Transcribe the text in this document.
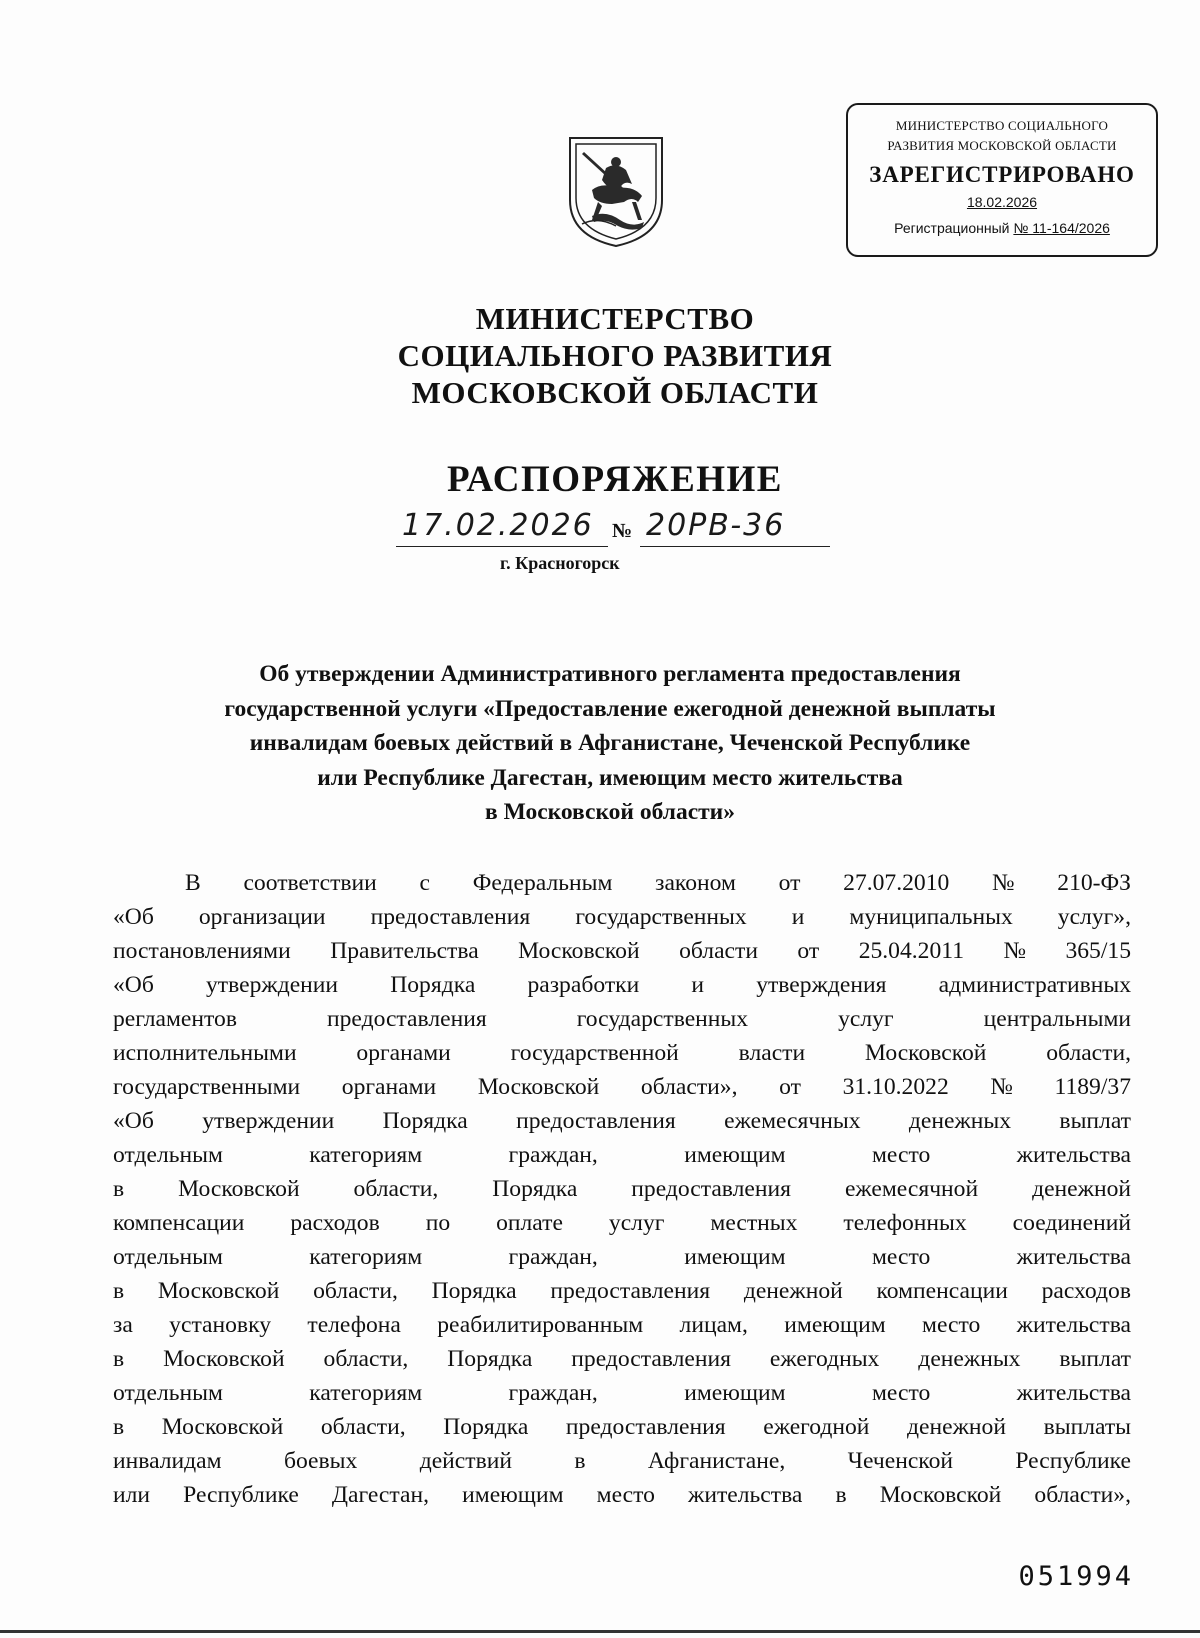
МИНИСТЕРСТВО СОЦИАЛЬНОГО
РАЗВИТИЯ МОСКОВСКОЙ ОБЛАСТИ
ЗАРЕГИСТРИРОВАНО
18.02.2026
Регистрационный № 11-164/2026
МИНИСТЕРСТВО
СОЦИАЛЬНОГО РАЗВИТИЯ
МОСКОВСКОЙ ОБЛАСТИ
РАСПОРЯЖЕНИЕ
17.02.2026 № 20PB-36
г. Красногорск
Об утверждении Административного регламента предоставления
государственной услуги «Предоставление ежегодной денежной выплаты
инвалидам боевых действий в Афганистане, Чеченской Республике
или Республике Дагестан, имеющим место жительства
в Московской области»
В соответствии с Федеральным законом от 27.07.2010 № 210-ФЗ
«Об организации предоставления государственных и муниципальных услуг»,
постановлениями Правительства Московской области от 25.04.2011 № 365/15
«Об утверждении Порядка разработки и утверждения административных
регламентов предоставления государственных услуг центральными
исполнительными органами государственной власти Московской области,
государственными органами Московской области», от 31.10.2022 № 1189/37
«Об утверждении Порядка предоставления ежемесячных денежных выплат
отдельным категориям граждан, имеющим место жительства
в Московской области, Порядка предоставления ежемесячной денежной
компенсации расходов по оплате услуг местных телефонных соединений
отдельным категориям граждан, имеющим место жительства
в Московской области, Порядка предоставления денежной компенсации расходов
за установку телефона реабилитированным лицам, имеющим место жительства
в Московской области, Порядка предоставления ежегодных денежных выплат
отдельным категориям граждан, имеющим место жительства
в Московской области, Порядка предоставления ежегодной денежной выплаты
инвалидам боевых действий в Афганистане, Чеченской Республике
или Республике Дагестан, имеющим место жительства в Московской области»,
051994
